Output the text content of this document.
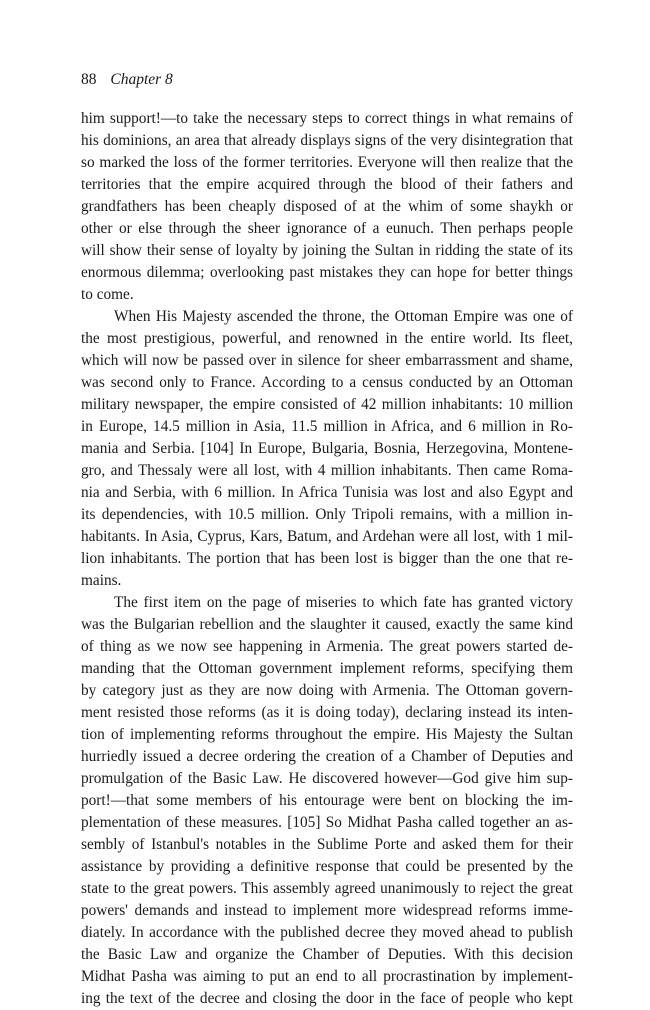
88 Chapter 8
him support!—to take the necessary steps to correct things in what remains of
his dominions, an area that already displays signs of the very disintegration that
so marked the loss of the former territories. Everyone will then realize that the
territories that the empire acquired through the blood of their fathers and
grandfathers has been cheaply disposed of at the whim of some shaykh or
other or else through the sheer ignorance of a eunuch. Then perhaps people
will show their sense of loyalty by joining the Sultan in ridding the state of its
enormous dilemma; overlooking past mistakes they can hope for better things
to come.
When His Majesty ascended the throne, the Ottoman Empire was one of
the most prestigious, powerful, and renowned in the entire world. Its fleet,
which will now be passed over in silence for sheer embarrassment and shame,
was second only to France. According to a census conducted by an Ottoman
military newspaper, the empire consisted of 42 million inhabitants: 10 million
in Europe, 14.5 million in Asia, 11.5 million in Africa, and 6 million in Ro-
mania and Serbia. [104] In Europe, Bulgaria, Bosnia, Herzegovina, Montene-
gro, and Thessaly were all lost, with 4 million inhabitants. Then came Roma-
nia and Serbia, with 6 million. In Africa Tunisia was lost and also Egypt and
its dependencies, with 10.5 million. Only Tripoli remains, with a million in-
habitants. In Asia, Cyprus, Kars, Batum, and Ardehan were all lost, with 1 mil-
lion inhabitants. The portion that has been lost is bigger than the one that re-
mains.
The first item on the page of miseries to which fate has granted victory
was the Bulgarian rebellion and the slaughter it caused, exactly the same kind
of thing as we now see happening in Armenia. The great powers started de-
manding that the Ottoman government implement reforms, specifying them
by category just as they are now doing with Armenia. The Ottoman govern-
ment resisted those reforms (as it is doing today), declaring instead its inten-
tion of implementing reforms throughout the empire. His Majesty the Sultan
hurriedly issued a decree ordering the creation of a Chamber of Deputies and
promulgation of the Basic Law. He discovered however—God give him sup-
port!—that some members of his entourage were bent on blocking the im-
plementation of these measures. [105] So Midhat Pasha called together an as-
sembly of Istanbul's notables in the Sublime Porte and asked them for their
assistance by providing a definitive response that could be presented by the
state to the great powers. This assembly agreed unanimously to reject the great
powers' demands and instead to implement more widespread reforms imme-
diately. In accordance with the published decree they moved ahead to publish
the Basic Law and organize the Chamber of Deputies. With this decision
Midhat Pasha was aiming to put an end to all procrastination by implement-
ing the text of the decree and closing the door in the face of people who kept
